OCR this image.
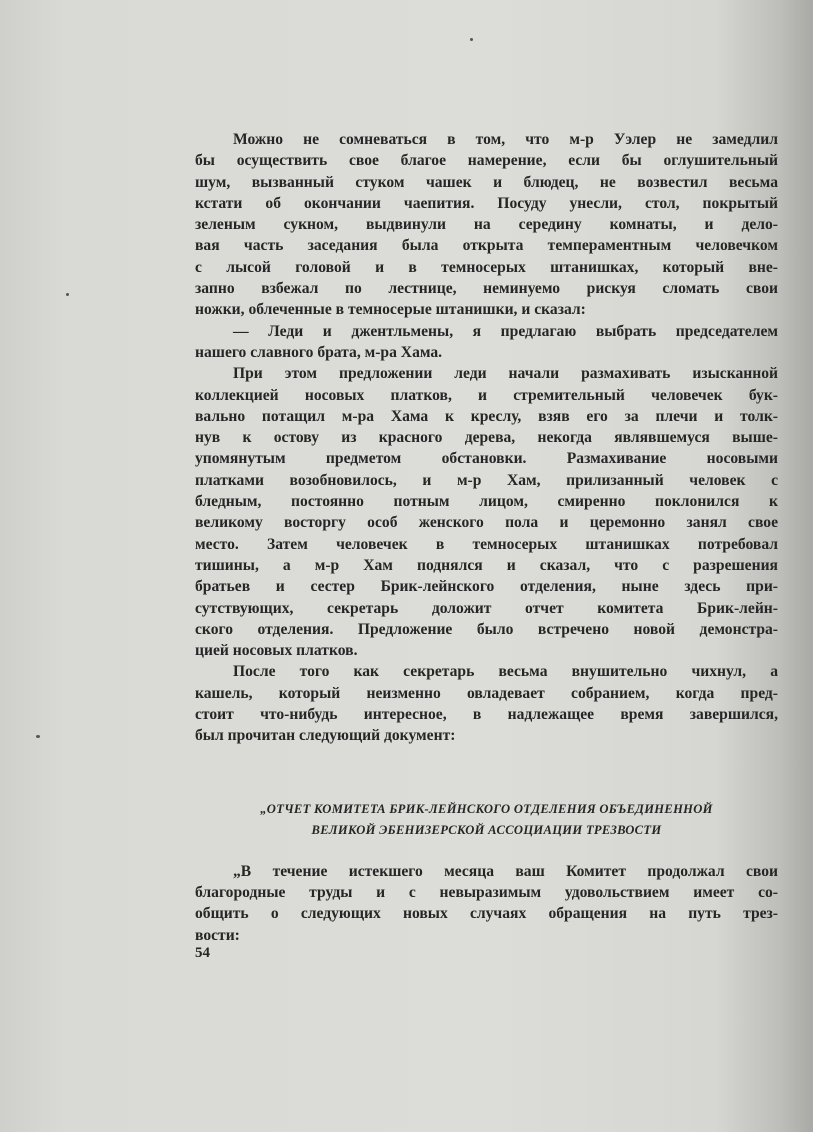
Можно не сомневаться в том, что м-р Уэлер не замедлил
бы осуществить свое благое намерение, если бы оглушительный
шум, вызванный стуком чашек и блюдец, не возвестил весьма
кстати об окончании чаепития. Посуду унесли, стол, покрытый
зеленым сукном, выдвинули на середину комнаты, и дело-
вая часть заседания была открыта темпераментным человечком
с лысой головой и в темносерых штанишках, который вне-
запно взбежал по лестнице, неминуемо рискуя сломать свои
ножки, облеченные в темносерые штанишки, и сказал:
— Леди и джентльмены, я предлагаю выбрать председателем
нашего славного брата, м-ра Хама.
При этом предложении леди начали размахивать изысканной
коллекцией носовых платков, и стремительный человечек бук-
вально потащил м-ра Хама к креслу, взяв его за плечи и толк-
нув к остову из красного дерева, некогда являвшемуся выше-
упомянутым предметом обстановки. Размахивание носовыми
платками возобновилось, и м-р Хам, прилизанный человек с
бледным, постоянно потным лицом, смиренно поклонился к
великому восторгу особ женского пола и церемонно занял свое
место. Затем человечек в темносерых штанишках потребовал
тишины, а м-р Хам поднялся и сказал, что с разрешения
братьев и сестер Брик-лейнского отделения, ныне здесь при-
сутствующих, секретарь доложит отчет комитета Брик-лейн-
ского отделения. Предложение было встречено новой демонстра-
цией носовых платков.
После того как секретарь весьма внушительно чихнул, а
кашель, который неизменно овладевает собранием, когда пред-
стоит что-нибудь интересное, в надлежащее время завершился,
был прочитан следующий документ:
„ОТЧЕТ КОМИТЕТА БРИК-ЛЕЙНСКОГО ОТДЕЛЕНИЯ ОБЪЕДИНЕННОЙ
ВЕЛИКОЙ ЭБЕНИЗЕРСКОЙ АССОЦИАЦИИ ТРЕЗВОСТИ
„В течение истекшего месяца ваш Комитет продолжал свои
благородные труды и с невыразимым удовольствием имеет со-
общить о следующих новых случаях обращения на путь трез-
вости:
54
